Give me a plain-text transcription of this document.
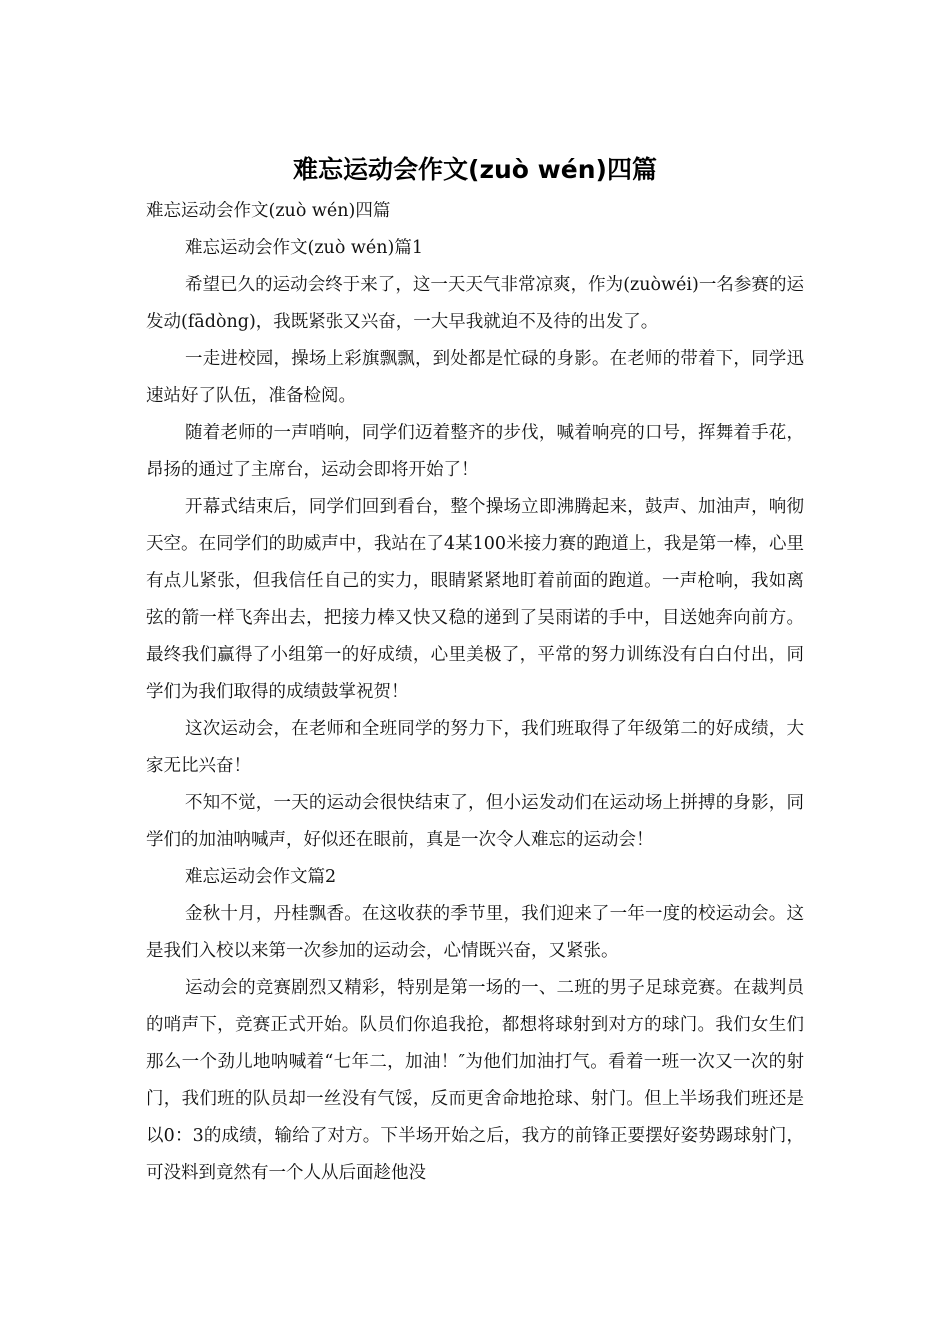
难忘运动会作文(zuò wén)四篇

难忘运动会作文(zuò wén)四篇

难忘运动会作文(zuò wén)篇1

希望已久的运动会终于来了，这一天天气非常凉爽，作为(zuòwéi)一名参赛的运发动(fādòng)，我既紧张又兴奋，一大早我就迫不及待的出发了。

一走进校园，操场上彩旗飘飘，到处都是忙碌的身影。在老师的带着下，同学迅速站好了队伍，准备检阅。

随着老师的一声哨响，同学们迈着整齐的步伐，喊着响亮的口号，挥舞着手花，昂扬的通过了主席台，运动会即将开始了！

开幕式结束后，同学们回到看台，整个操场立即沸腾起来，鼓声、加油声，响彻天空。在同学们的助威声中，我站在了4某100米接力赛的跑道上，我是第一棒，心里有点儿紧张，但我信任自己的实力，眼睛紧紧地盯着前面的跑道。一声枪响，我如离弦的箭一样飞奔出去，把接力棒又快又稳的递到了吴雨诺的手中，目送她奔向前方。最终我们赢得了小组第一的好成绩，心里美极了，平常的努力训练没有白白付出，同学们为我们取得的成绩鼓掌祝贺！

这次运动会，在老师和全班同学的努力下，我们班取得了年级第二的好成绩，大家无比兴奋！

不知不觉，一天的运动会很快结束了，但小运发动们在运动场上拼搏的身影，同学们的加油呐喊声，好似还在眼前，真是一次令人难忘的运动会！

难忘运动会作文篇2

金秋十月，丹桂飘香。在这收获的季节里，我们迎来了一年一度的校运动会。这是我们入校以来第一次参加的运动会，心情既兴奋，又紧张。

运动会的竞赛剧烈又精彩，特别是第一场的一、二班的男子足球竞赛。在裁判员的哨声下，竞赛正式开始。队员们你追我抢，都想将球射到对方的球门。我们女生们那么一个劲儿地呐喊着“七年二，加油！″为他们加油打气。看着一班一次又一次的射门，我们班的队员却一丝没有气馁，反而更舍命地抢球、射门。但上半场我们班还是以0：3的成绩，输给了对方。下半场开始之后，我方的前锋正要摆好姿势踢球射门，可没料到竟然有一个人从后面趁他没
